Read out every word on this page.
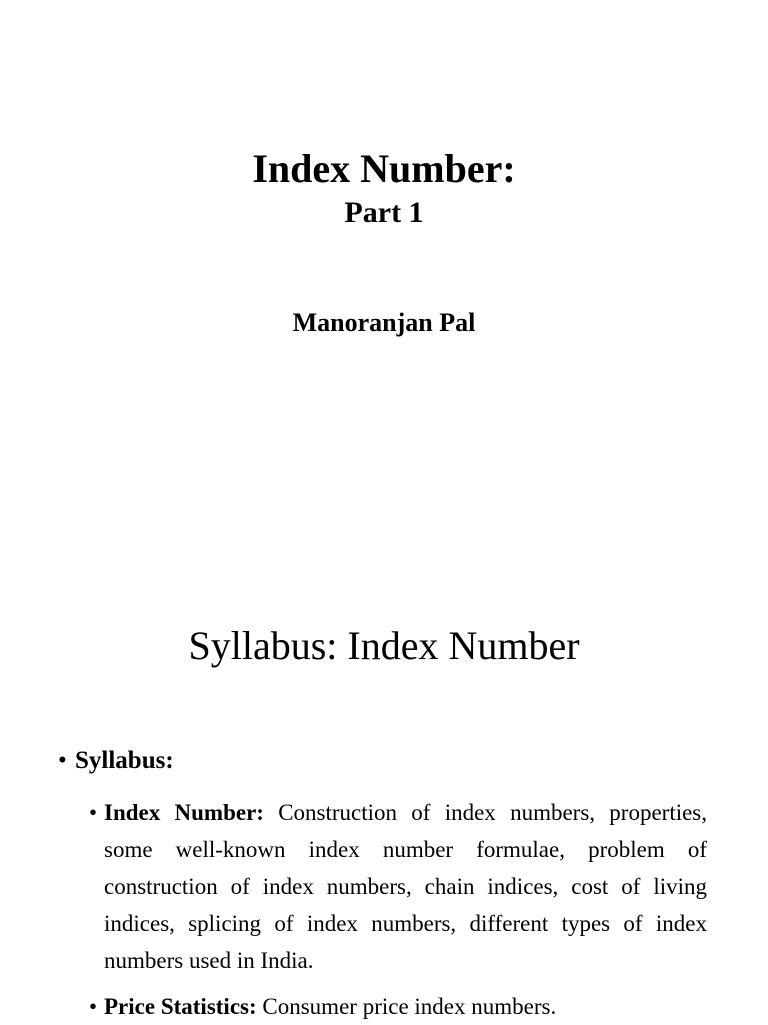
Index Number:
Part 1
Manoranjan Pal
Syllabus: Index Number
• Syllabus:
• Index Number: Construction of index numbers, properties, some well-known index number formulae, problem of construction of index numbers, chain indices, cost of living indices, splicing of index numbers, different types of index numbers used in India.
• Price Statistics: Consumer price index numbers.
